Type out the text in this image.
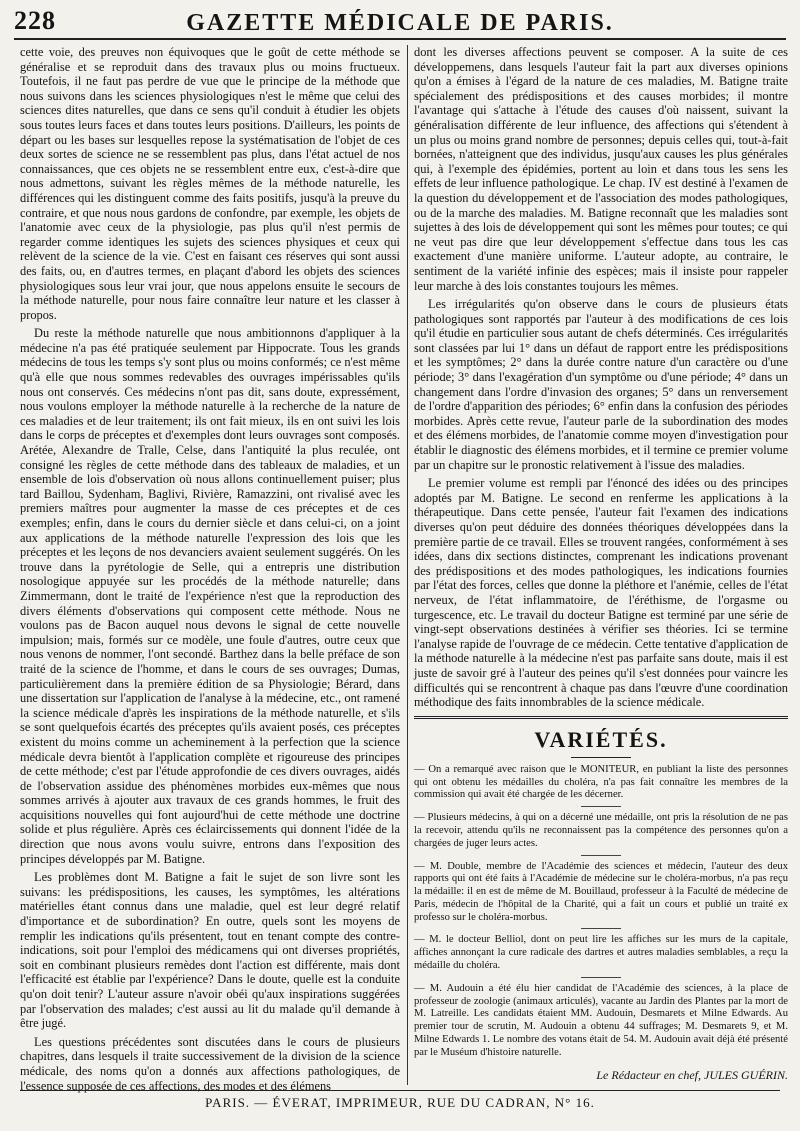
228	GAZETTE MÉDICALE DE PARIS.

cette voie, des preuves non équivoques que le goût de cette méthode se généralise et se reproduit dans des travaux plus ou moins fructueux. Toutefois, il ne faut pas perdre de vue que le principe de la méthode que nous suivons dans les sciences physiologiques n'est le même que celui des sciences dites naturelles, que dans ce sens qu'il conduit à étudier les objets sous toutes leurs faces et dans toutes leurs positions. D'ailleurs, les points de départ ou les bases sur lesquelles repose la systématisation de l'objet de ces deux sortes de science ne se ressemblent pas plus, dans l'état actuel de nos connaissances, que ces objets ne se ressemblent entre eux, c'est-à-dire que nous admettons, suivant les règles mêmes de la méthode naturelle, les différences qui les distinguent comme des faits positifs, jusqu'à la preuve du contraire, et que nous nous gardons de confondre, par exemple, les objets de l'anatomie avec ceux de la physiologie, pas plus qu'il n'est permis de regarder comme identiques les sujets des sciences physiques et ceux qui relèvent de la science de la vie. C'est en faisant ces réserves qui sont aussi des faits, ou, en d'autres termes, en plaçant d'abord les objets des sciences physiologiques sous leur vrai jour, que nous appelons ensuite le secours de la méthode naturelle, pour nous faire connaître leur nature et les classer à propos.

Du reste la méthode naturelle que nous ambitionnons d'appliquer à la médecine n'a pas été pratiquée seulement par Hippocrate. Tous les grands médecins de tous les temps s'y sont plus ou moins conformés; ce n'est même qu'à elle que nous sommes redevables des ouvrages impérissables qu'ils nous ont conservés. Ces médecins n'ont pas dit, sans doute, expressément, nous voulons employer la méthode naturelle à la recherche de la nature de ces maladies et de leur traitement; ils ont fait mieux, ils en ont suivi les lois dans le corps de préceptes et d'exemples dont leurs ouvrages sont composés. Arétée, Alexandre de Tralle, Celse, dans l'antiquité la plus reculée, ont consigné les règles de cette méthode dans des tableaux de maladies, et un ensemble de lois d'observation où nous allons continuellement puiser; plus tard Baillou, Sydenham, Baglivi, Rivière, Ramazzini, ont rivalisé avec les premiers maîtres pour augmenter la masse de ces préceptes et de ces exemples; enfin, dans le cours du dernier siècle et dans celui-ci, on a joint aux applications de la méthode naturelle l'expression des lois que les préceptes et les leçons de nos devanciers avaient seulement suggérés. On les trouve dans la pyrétologie de Selle, qui a entrepris une distribution nosologique appuyée sur les procédés de la méthode naturelle; dans Zimmermann, dont le traité de l'expérience n'est que la reproduction des divers éléments d'observations qui composent cette méthode. Nous ne voulons pas de Bacon auquel nous devons le signal de cette nouvelle impulsion; mais, formés sur ce modèle, une foule d'autres, outre ceux que nous venons de nommer, l'ont secondé. Barthez dans la belle préface de son traité de la science de l'homme, et dans le cours de ses ouvrages; Dumas, particulièrement dans la première édition de sa Physiologie; Bérard, dans une dissertation sur l'application de l'analyse à la médecine, etc., ont ramené la science médicale d'après les inspirations de la méthode naturelle, et s'ils se sont quelquefois écartés des préceptes qu'ils avaient posés, ces préceptes existent du moins comme un acheminement à la perfection que la science médicale devra bientôt à l'application complète et rigoureuse des principes de cette méthode; c'est par l'étude approfondie de ces divers ouvrages, aidés de l'observation assidue des phénomènes morbides eux-mêmes que nous sommes arrivés à ajouter aux travaux de ces grands hommes, le fruit des acquisitions nouvelles qui font aujourd'hui de cette méthode une doctrine solide et plus régulière. Après ces éclaircissements qui donnent l'idée de la direction que nous avons voulu suivre, entrons dans l'exposition des principes développés par M. Batigne.

Les problèmes dont M. Batigne a fait le sujet de son livre sont les suivans: les prédispositions, les causes, les symptômes, les altérations matérielles étant connus dans une maladie, quel est leur degré relatif d'importance et de subordination? En outre, quels sont les moyens de remplir les indications qu'ils présentent, tout en tenant compte des contre-indications, soit pour l'emploi des médicamens qui ont diverses propriétés, soit en combinant plusieurs remèdes dont l'action est différente, mais dont l'efficacité est établie par l'expérience? Dans le doute, quelle est la conduite qu'on doit tenir? L'auteur assure n'avoir obéi qu'aux inspirations suggérées par l'observation des malades; c'est aussi au lit du malade qu'il demande à être jugé.

Les questions précédentes sont discutées dans le cours de plusieurs chapitres, dans lesquels il traite successivement de la division de la science médicale, des noms qu'on a donnés aux affections pathologiques, de l'essence supposée de ces affections, des modes et des élémens

dont les diverses affections peuvent se composer. A la suite de ces développemens, dans lesquels l'auteur fait la part aux diverses opinions qu'on a émises à l'égard de la nature de ces maladies, M. Batigne traite spécialement des prédispositions et des causes morbides; il montre l'avantage qui s'attache à l'étude des causes d'où naissent, suivant la généralisation différente de leur influence, des affections qui s'étendent à un plus ou moins grand nombre de personnes; depuis celles qui, tout-à-fait bornées, n'atteignent que des individus, jusqu'aux causes les plus générales qui, à l'exemple des épidémies, portent au loin et dans tous les sens les effets de leur influence pathologique. Le chap. IV est destiné à l'examen de la question du développement et de l'association des modes pathologiques, ou de la marche des maladies. M. Batigne reconnaît que les maladies sont sujettes à des lois de développement qui sont les mêmes pour toutes; ce qui ne veut pas dire que leur développement s'effectue dans tous les cas exactement d'une manière uniforme. L'auteur adopte, au contraire, le sentiment de la variété infinie des espèces; mais il insiste pour rappeler leur marche à des lois constantes toujours les mêmes.

Les irrégularités qu'on observe dans le cours de plusieurs états pathologiques sont rapportés par l'auteur à des modifications de ces lois qu'il étudie en particulier sous autant de chefs déterminés. Ces irrégularités sont classées par lui 1° dans un défaut de rapport entre les prédispositions et les symptômes; 2° dans la durée contre nature d'un caractère ou d'une période; 3° dans l'exagération d'un symptôme ou d'une période; 4° dans un changement dans l'ordre d'invasion des organes; 5° dans un renversement de l'ordre d'apparition des périodes; 6° enfin dans la confusion des périodes morbides. Après cette revue, l'auteur parle de la subordination des modes et des élémens morbides, de l'anatomie comme moyen d'investigation pour établir le diagnostic des élémens morbides, et il termine ce premier volume par un chapitre sur le pronostic relativement à l'issue des maladies.

Le premier volume est rempli par l'énoncé des idées ou des principes adoptés par M. Batigne. Le second en renferme les applications à la thérapeutique. Dans cette pensée, l'auteur fait l'examen des indications diverses qu'on peut déduire des données théoriques développées dans la première partie de ce travail. Elles se trouvent rangées, conformément à ses idées, dans dix sections distinctes, comprenant les indications provenant des prédispositions et des modes pathologiques, les indications fournies par l'état des forces, celles que donne la pléthore et l'anémie, celles de l'état nerveux, de l'état inflammatoire, de l'éréthisme, de l'orgasme ou turgescence, etc. Le travail du docteur Batigne est terminé par une série de vingt-sept observations destinées à vérifier ses théories. Ici se termine l'analyse rapide de l'ouvrage de ce médecin. Cette tentative d'application de la méthode naturelle à la médecine n'est pas parfaite sans doute, mais il est juste de savoir gré à l'auteur des peines qu'il s'est données pour vaincre les difficultés qui se rencontrent à chaque pas dans l'œuvre d'une coordination méthodique des faits innombrables de la science médicale.

VARIÉTÉS.

— On a remarqué avec raison que le MONITEUR, en publiant la liste des personnes qui ont obtenu les médailles du choléra, n'a pas fait connaître les membres de la commission qui avait été chargée de les décerner.

— Plusieurs médecins, à qui on a décerné une médaille, ont pris la résolution de ne pas la recevoir, attendu qu'ils ne reconnaissent pas la compétence des personnes qu'on a chargées de juger leurs actes.

— M. Double, membre de l'Académie des sciences et médecin, l'auteur des deux rapports qui ont été faits à l'Académie de médecine sur le choléra-morbus, n'a pas reçu la médaille: il en est de même de M. Bouillaud, professeur à la Faculté de médecine de Paris, médecin de l'hôpital de la Charité, qui a fait un cours et publié un traité ex professo sur le choléra-morbus.

— M. le docteur Belliol, dont on peut lire les affiches sur les murs de la capitale, affiches annonçant la cure radicale des dartres et autres maladies semblables, a reçu la médaille du choléra.

— M. Audouin a été élu hier candidat de l'Académie des sciences, à la place de professeur de zoologie (animaux articulés), vacante au Jardin des Plantes par la mort de M. Latreille. Les candidats étaient MM. Audouin, Desmarets et Milne Edwards. Au premier tour de scrutin, M. Audouin a obtenu 44 suffrages; M. Desmarets 9, et M. Milne Edwards 1. Le nombre des votans était de 54. M. Audouin avait déjà été présenté par le Muséum d'histoire naturelle.

Le Rédacteur en chef, JULES GUÉRIN.
PARIS. — ÉVERAT, IMPRIMEUR, RUE DU CADRAN, N° 16.
